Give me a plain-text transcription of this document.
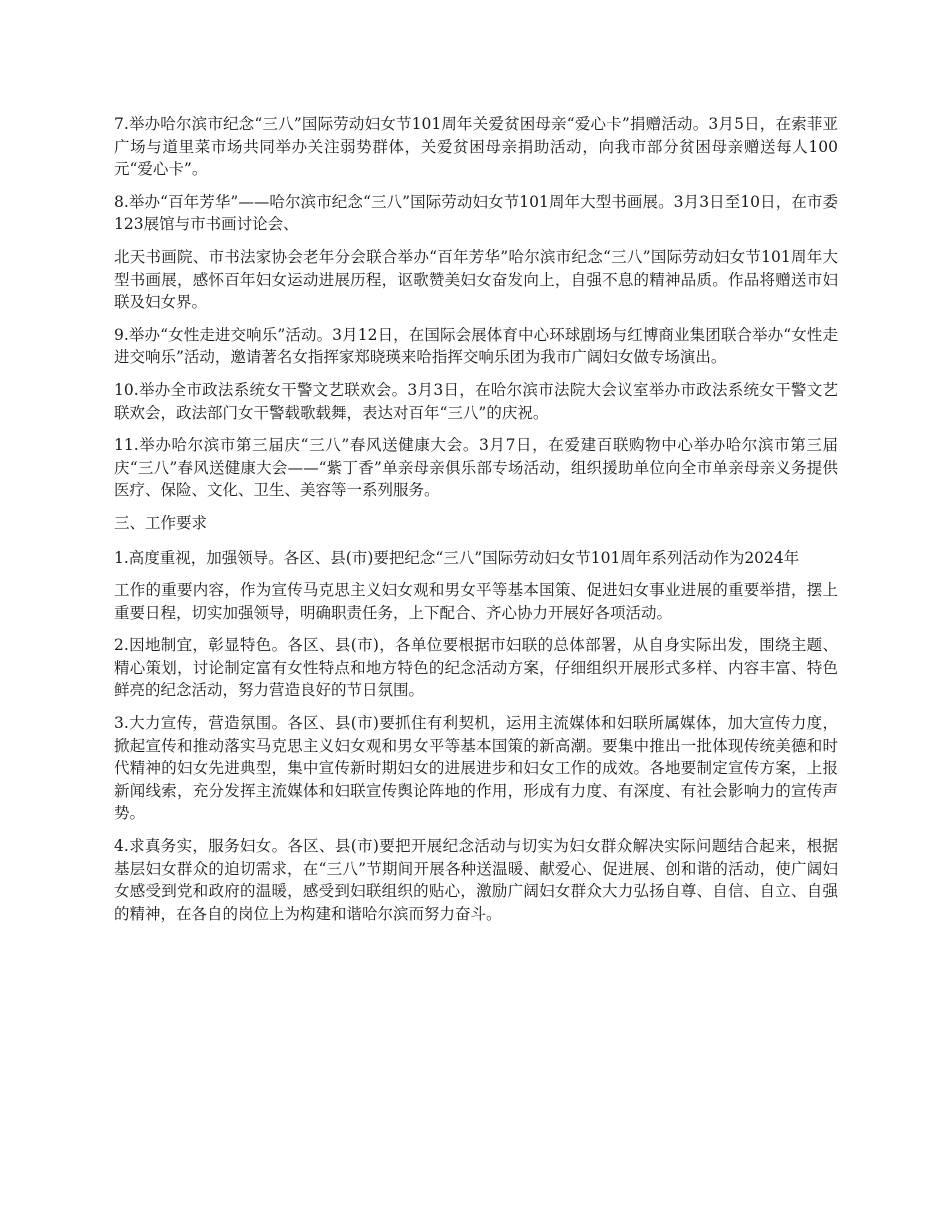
7.举办哈尔滨市纪念“三八”国际劳动妇女节101周年关爱贫困母亲“爱心卡”捐赠活动。3月5日，在索菲亚广场与道里菜市场共同举办关注弱势群体，关爱贫困母亲捐助活动，向我市部分贫困母亲赠送每人100元“爱心卡”。

8.举办“百年芳华”——哈尔滨市纪念“三八”国际劳动妇女节101周年大型书画展。3月3日至10日，在市委123展馆与市书画讨论会、

北天书画院、市书法家协会老年分会联合举办“百年芳华”哈尔滨市纪念“三八”国际劳动妇女节101周年大型书画展，感怀百年妇女运动进展历程，讴歌赞美妇女奋发向上，自强不息的精神品质。作品将赠送市妇联及妇女界。

9.举办“女性走进交响乐”活动。3月12日，在国际会展体育中心环球剧场与红博商业集团联合举办“女性走进交响乐”活动，邀请著名女指挥家郑晓瑛来哈指挥交响乐团为我市广阔妇女做专场演出。

10.举办全市政法系统女干警文艺联欢会。3月3日，在哈尔滨市法院大会议室举办市政法系统女干警文艺联欢会，政法部门女干警载歌载舞，表达对百年“三八”的庆祝。

11.举办哈尔滨市第三届庆“三八”春风送健康大会。3月7日，在爱建百联购物中心举办哈尔滨市第三届庆“三八”春风送健康大会——“紫丁香”单亲母亲俱乐部专场活动，组织援助单位向全市单亲母亲义务提供医疗、保险、文化、卫生、美容等一系列服务。

三、工作要求

1.高度重视，加强领导。各区、县(市)要把纪念“三八”国际劳动妇女节101周年系列活动作为2024年

工作的重要内容，作为宣传马克思主义妇女观和男女平等基本国策、促进妇女事业进展的重要举措，摆上重要日程，切实加强领导，明确职责任务，上下配合、齐心协力开展好各项活动。

2.因地制宜，彰显特色。各区、县(市)，各单位要根据市妇联的总体部署，从自身实际出发，围绕主题、精心策划，讨论制定富有女性特点和地方特色的纪念活动方案，仔细组织开展形式多样、内容丰富、特色鲜亮的纪念活动，努力营造良好的节日氛围。

3.大力宣传，营造氛围。各区、县(市)要抓住有利契机，运用主流媒体和妇联所属媒体，加大宣传力度，掀起宣传和推动落实马克思主义妇女观和男女平等基本国策的新高潮。要集中推出一批体现传统美德和时代精神的妇女先进典型，集中宣传新时期妇女的进展进步和妇女工作的成效。各地要制定宣传方案，上报新闻线索，充分发挥主流媒体和妇联宣传舆论阵地的作用，形成有力度、有深度、有社会影响力的宣传声势。

4.求真务实，服务妇女。各区、县(市)要把开展纪念活动与切实为妇女群众解决实际问题结合起来，根据基层妇女群众的迫切需求，在“三八”节期间开展各种送温暖、献爱心、促进展、创和谐的活动，使广阔妇女感受到党和政府的温暖，感受到妇联组织的贴心，激励广阔妇女群众大力弘扬自尊、自信、自立、自强的精神，在各自的岗位上为构建和谐哈尔滨而努力奋斗。
